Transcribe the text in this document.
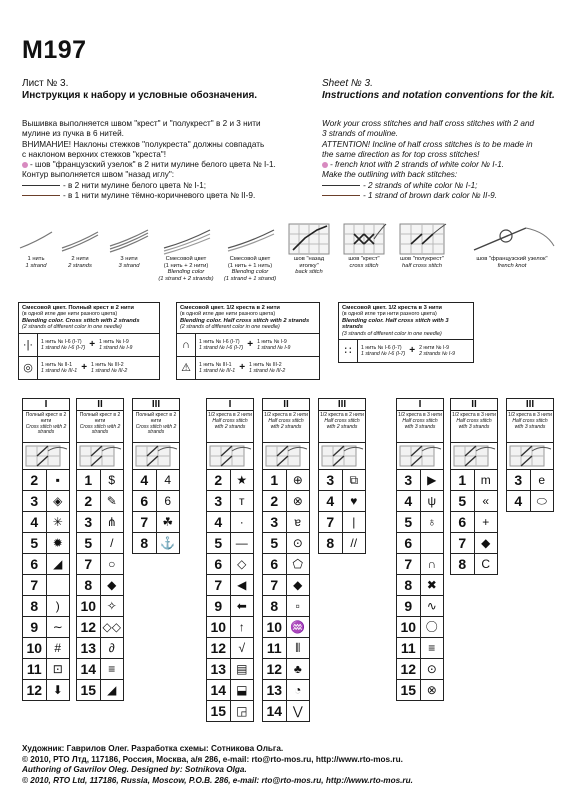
M197
Лист № 3.
Инструкция к набору и условные обозначения.
Вышивка выполняется швом "крест" и "полукрест" в 2 и 3 нити
мулине из пучка в 6 нитей.
ВНИМАНИЕ! Наклоны стежков "полукреста" должны совпадать
с наклоном верхних стежков "креста"!
- шов "французский узелок" в 2 нити мулине белого цвета № I-1.
Контур выполняется швом "назад иглу":
- в 2 нити мулине белого цвета № I-1;
- в 1 нити мулине тёмно-коричневого цвета № II-9.
Sheet № 3.
Instructions and notation conventions for the kit.
Work your cross stitches and half cross stitches with 2 and
3 strands of mouline.
ATTENTION! Incline of half cross stitches is to be made in
the same direction as for top cross stitches!
- french knot with 2 strands of white color № I-1.
Make the outlining with back stitches:
- 2 strands of white color № I-1;
- 1 strand of brown dark color № II-9.
1 нить
1 strand
2 нити
2 strands
3 нити
3 strand
Смесовой цвет
(1 нить + 2 нити)
Blending color
(1 strand + 2 strands)
Смесовой цвет
(1 нить + 1 нить)
Blending color
(1 strand + 1 strand)
шов "назад иголку"
back stitch
шов "крест"
cross stitch
шов "полукрест"
half cross stitch
шов "французский узелок"
french knot
Смесовой цвет. Полный крест в 2 нити
(в одной игле две нити разного цвета)
Blending color. Cross stitch with 2 strands
(2 strands of different color in one needle)
·|·	1 нить № I-6 (I-7)
1 strand № I-6 (I-7) + 1 нить № I-9
1 strand № I-9
◎	1 нить № II-1
1 strand № III-1 + 1 нить № III-2
1 strand № III-2
Смесовой цвет. 1/2 креста в 2 нити
(в одной игле две нити разного цвета)
Blending color. Half cross stitch with 2 strands
(2 strands of different color in one needle)
∩	1 нить № I-6 (I-7)
1 strand № I-6 (I-7) + 1 нить № I-9
1 strand № I-9
⚠	1 нить № III-1
1 strand № III-1 + 1 нить № III-2
1 strand № III-2
Смесовой цвет. 1/2 креста в 3 нити
(в одной игле три нити разного цвета)
Blending color. Half cross stitch with 3 strands
(3 strands of different color in one needle)
∷	1 нить № I-6 (I-7)
1 strand № I-6 (I-7) + 2 нити № I-9
2 strands № I-9
I
Полный крест в 2 нити
Cross stitch with 2 strands
2	▪
3	◈
4	✳
5	✹
6	◢
7
8	)
9	∼
10	#
11 ⊡
12 ⬇
II
Полный крест в 2 нити
Cross stitch with 2 strands
1	$
2	✎
3	⋔
5	/
7	○
8	◆
10 ✧
12 ◇◇
13	∂
14	≡
15 ◢
III
Полный крест в 2 нити
Cross stitch with 2 strands
4	4
6	6
7	☘
8	⚓
I
1/2 креста в 2 нити
Half cross stitch with 2 strands
2	★
3	т
4	·
5	—
6	◇
7	◀
9	⬅
10	↑
12	√
13 ▤
14 ⬓
15 ◲
II
1/2 креста в 2 нити
Half cross stitch with 2 strands
1	⊕
2	⊗
3	ɐ
5	⊙
6	⬠
7	◆
8	▫
10 ♒
11	⦀
12 ♣
13	◔
14 ⋁
III
1/2 креста в 2 нити
Half cross stitch with 2 strands
3	⧉
4	♥
7	|
8	//
I
1/2 креста в 3 нити
Half cross stitch with 3 strands
3	▶
4	ψ
5	♁
6
7	∩
8	✖
9	∿
10 〇
11	≡
12 ⊙
15 ⊗
II
1/2 креста в 3 нити
Half cross stitch with 3 strands
1	m
5	«
6	+
7	◆
8	C
III
1/2 креста в 3 нити
Half cross stitch with 3 strands
3	e
4	⬭
Художник: Гаврилов Олег. Разработка схемы: Сотникова Ольга.
© 2010, РТО Лтд, 117186, Россия, Москва, а/я 286, e-mail: rto@rto-mos.ru, http://www.rto-mos.ru.
Authoring of Gavrilov Oleg. Designed by: Sotnikova Olga.
© 2010, RTO Ltd, 117186, Russia, Moscow, P.O.B. 286, e-mail: rto@rto-mos.ru, http://www.rto-mos.ru.
